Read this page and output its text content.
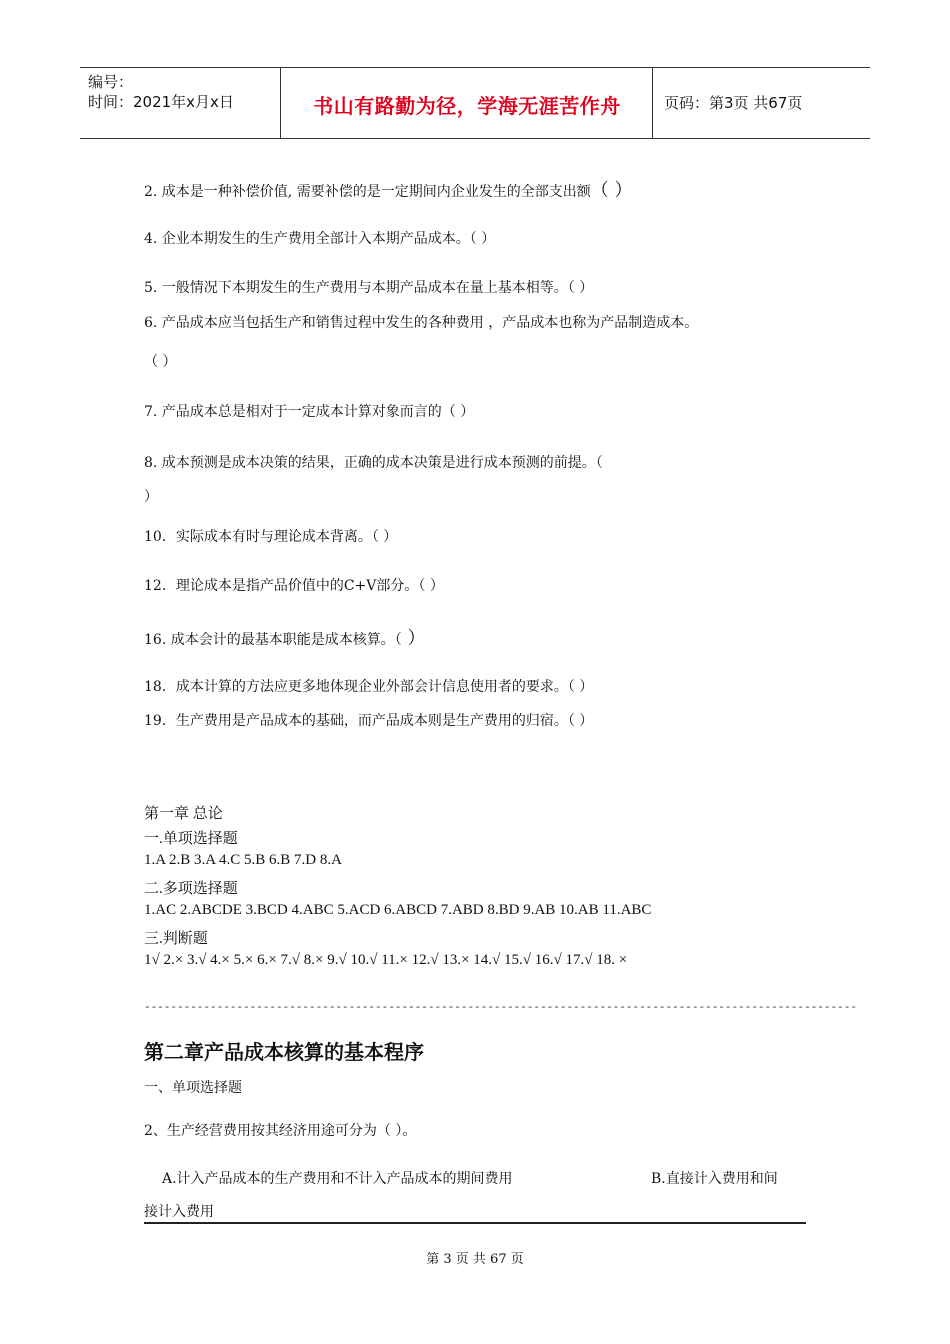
编号：
时间：2021年x月x日	书山有路勤为径，学海无涯苦作舟	页码：第3页 共67页
2. 成本是一种补偿价值, 需要补偿的是一定期间内企业发生的全部支出额（ ）
4. 企业本期发生的生产费用全部计入本期产品成本。（ ）
5. 一般情况下本期发生的生产费用与本期产品成本在量上基本相等。（ ）
6. 产品成本应当包括生产和销售过程中发生的各种费用 ，产品成本也称为产品制造成本。
（ ）
7. 产品成本总是相对于一定成本计算对象而言的（ ）
8. 成本预测是成本决策的结果，正确的成本决策是进行成本预测的前提。（
）
10．实际成本有时与理论成本背离。（ ）
12．理论成本是指产品价值中的C+V部分。（ ）
16. 成本会计的最基本职能是成本核算。（ ）
18．成本计算的方法应更多地体现企业外部会计信息使用者的要求。（ ）
19．生产费用是产品成本的基础，而产品成本则是生产费用的归宿。（ ）
第一章 总论
一.单项选择题
1.A 2.B 3.A 4.C 5.B 6.B 7.D 8.A
二.多项选择题
1.AC 2.ABCDE 3.BCD 4.ABC 5.ACD 6.ABCD 7.ABD 8.BD 9.AB 10.AB 11.ABC
三.判断题
1√ 2.× 3.√ 4.× 5.× 6.× 7.√ 8.× 9.√ 10.√ 11.× 12.√ 13.× 14.√ 15.√ 16.√ 17.√ 18. ×
------------------------------------------------------------------------------------------------------------
第二章产品成本核算的基本程序
一、单项选择题
2、生产经营费用按其经济用途可分为（ ）。
A.计入产品成本的生产费用和不计入产品成本的期间费用	B.直接计入费用和间
接计入费用
第 3 页 共 67 页
